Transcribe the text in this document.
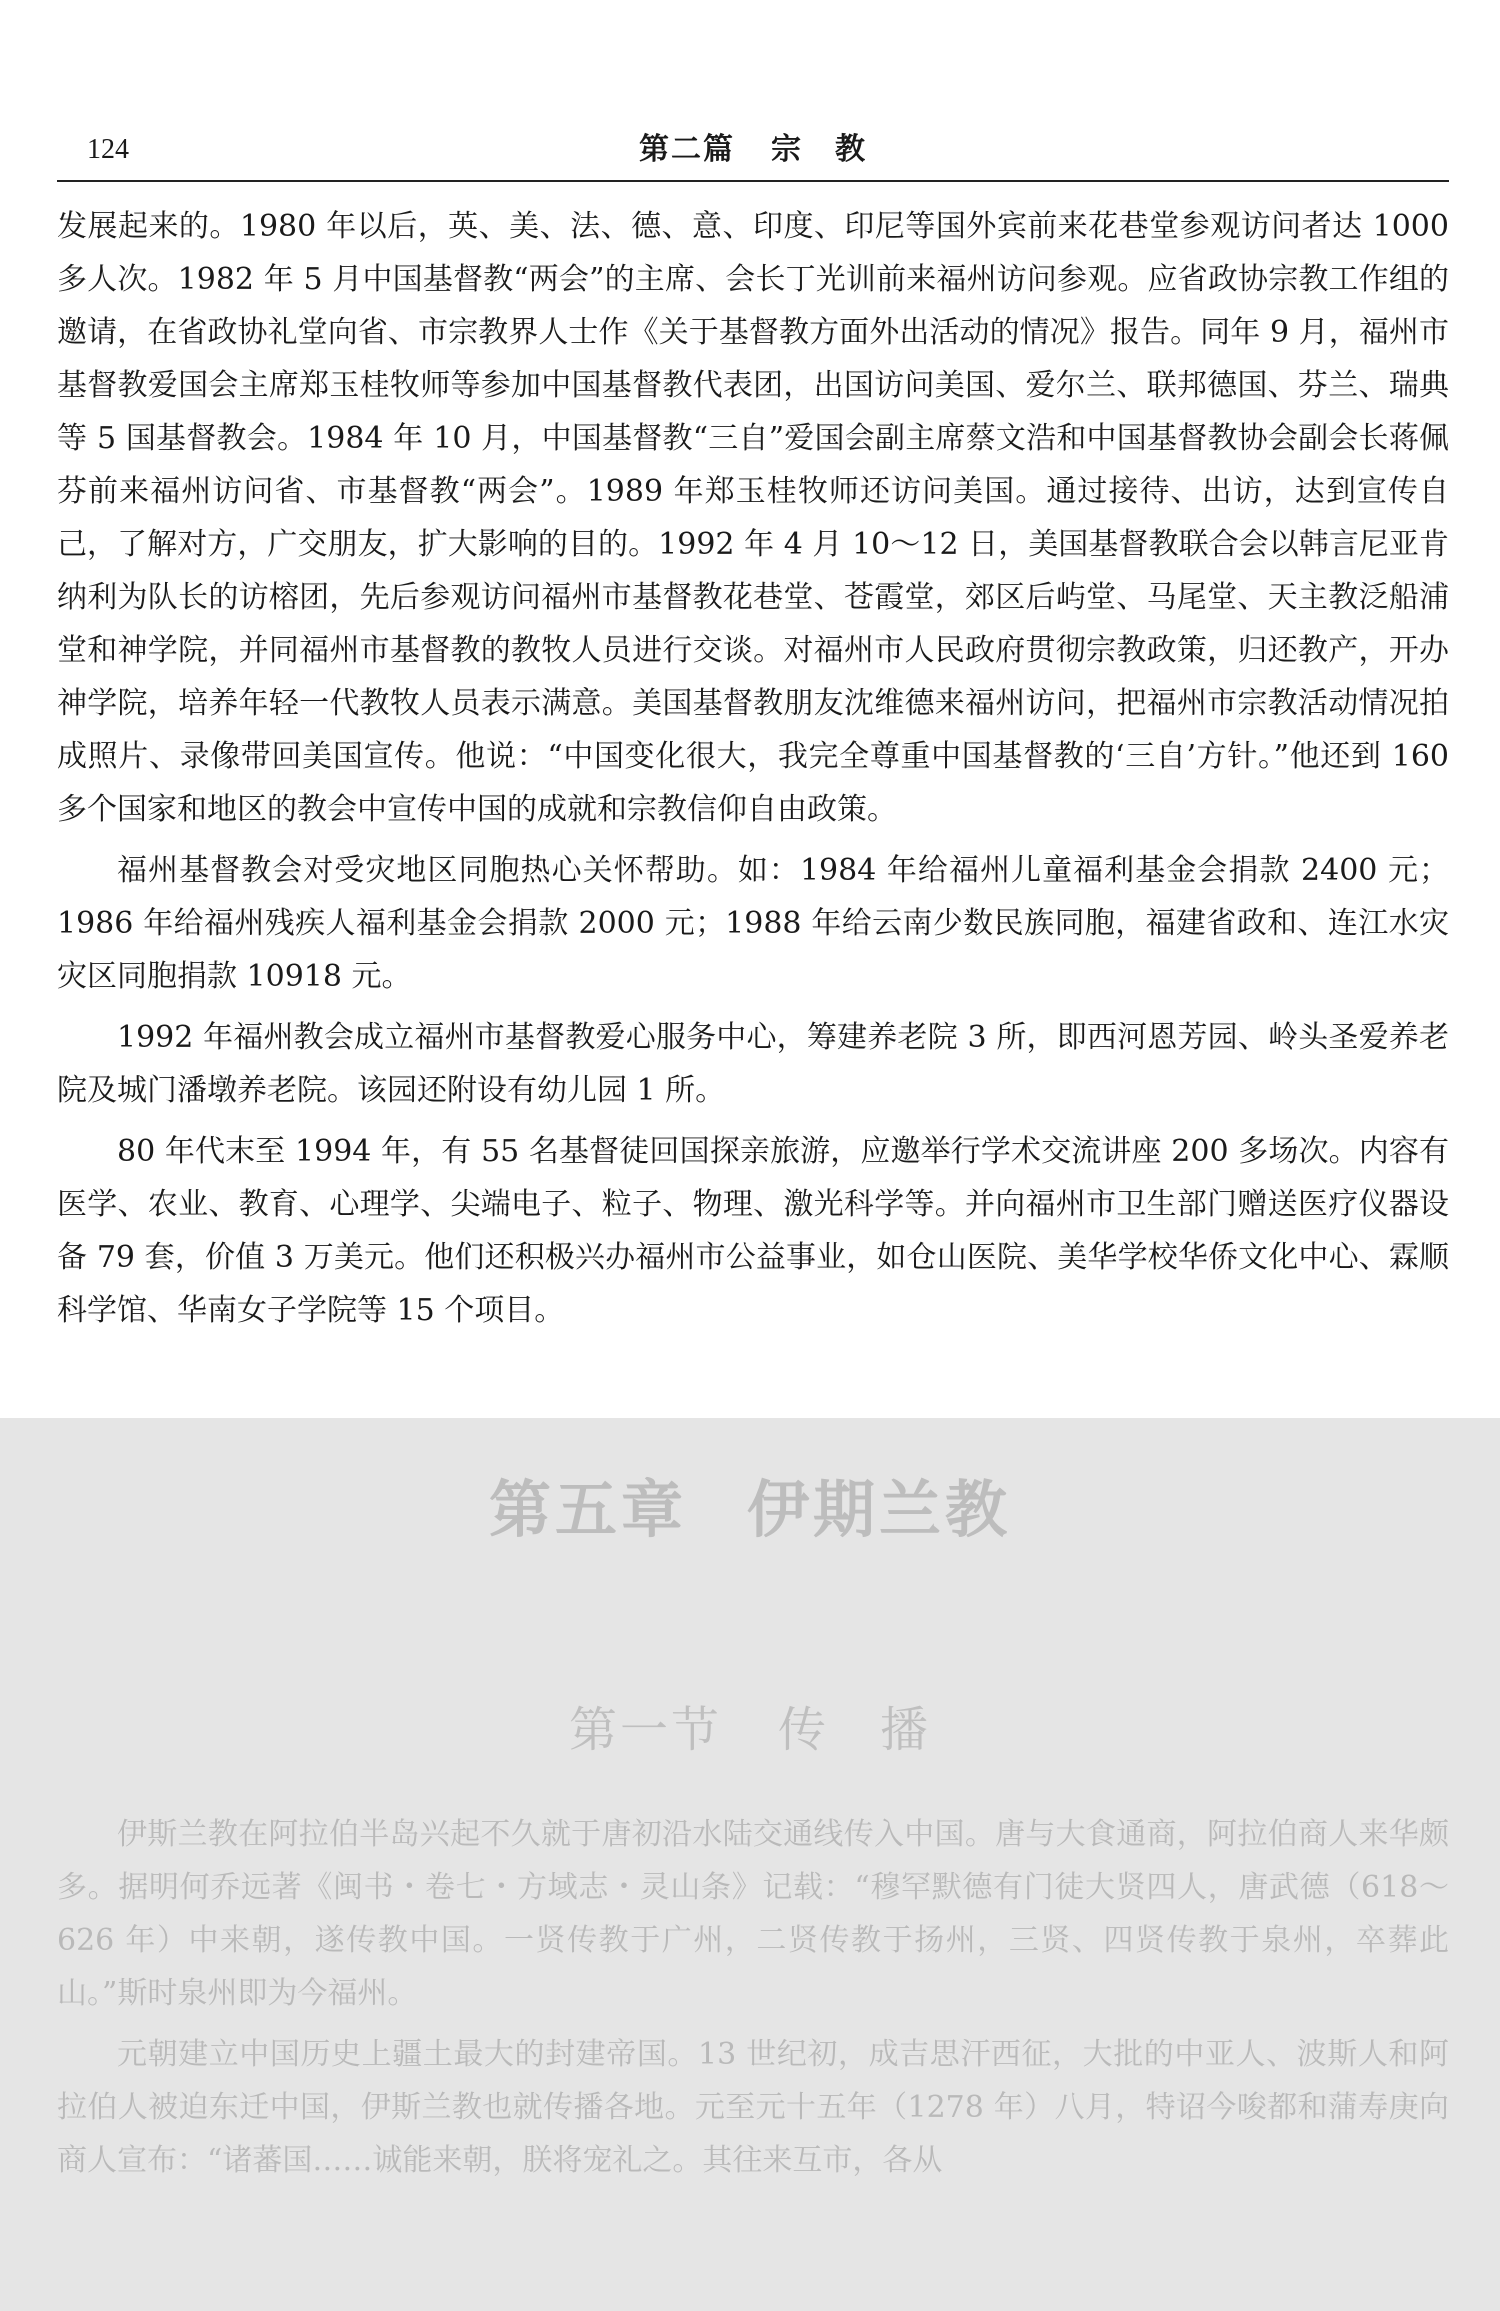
124	第二篇 宗　教

发展起来的。1980 年以后，英、美、法、德、意、印度、印尼等国外宾前来花巷堂参观访问者达 1000 多人次。1982 年 5 月中国基督教“两会”的主席、会长丁光训前来福州访问参观。应省政协宗教工作组的邀请，在省政协礼堂向省、市宗教界人士作《关于基督教方面外出活动的情况》报告。同年 9 月，福州市基督教爱国会主席郑玉桂牧师等参加中国基督教代表团，出国访问美国、爱尔兰、联邦德国、芬兰、瑞典等 5 国基督教会。1984 年 10 月，中国基督教“三自”爱国会副主席蔡文浩和中国基督教协会副会长蒋佩芬前来福州访问省、市基督教“两会”。1989 年郑玉桂牧师还访问美国。通过接待、出访，达到宣传自己，了解对方，广交朋友，扩大影响的目的。1992 年 4 月 10～12 日，美国基督教联合会以韩言尼亚肯纳利为队长的访榕团，先后参观访问福州市基督教花巷堂、苍霞堂，郊区后屿堂、马尾堂、天主教泛船浦堂和神学院，并同福州市基督教的教牧人员进行交谈。对福州市人民政府贯彻宗教政策，归还教产，开办神学院，培养年轻一代教牧人员表示满意。美国基督教朋友沈维德来福州访问，把福州市宗教活动情况拍成照片、录像带回美国宣传。他说：“中国变化很大，我完全尊重中国基督教的‘三自’方针。”他还到 160 多个国家和地区的教会中宣传中国的成就和宗教信仰自由政策。

福州基督教会对受灾地区同胞热心关怀帮助。如：1984 年给福州儿童福利基金会捐款 2400 元；1986 年给福州残疾人福利基金会捐款 2000 元；1988 年给云南少数民族同胞，福建省政和、连江水灾灾区同胞捐款 10918 元。

1992 年福州教会成立福州市基督教爱心服务中心，筹建养老院 3 所，即西河恩芳园、岭头圣爱养老院及城门潘墩养老院。该园还附设有幼儿园 1 所。

80 年代末至 1994 年，有 55 名基督徒回国探亲旅游，应邀举行学术交流讲座 200 多场次。内容有医学、农业、教育、心理学、尖端电子、粒子、物理、激光科学等。并向福州市卫生部门赠送医疗仪器设备 79 套，价值 3 万美元。他们还积极兴办福州市公益事业，如仓山医院、美华学校华侨文化中心、霖顺科学馆、华南女子学院等 15 个项目。

第五章 伊期兰教
第一节 传　播

伊斯兰教在阿拉伯半岛兴起不久就于唐初沿水陆交通线传入中国。唐与大食通商，阿拉伯商人来华颇多。据明何乔远著《闽书・卷七・方域志・灵山条》记载：“穆罕默德有门徒大贤四人，唐武德（618～626 年）中来朝，遂传教中国。一贤传教于广州，二贤传教于扬州，三贤、四贤传教于泉州，卒葬此山。”斯时泉州即为今福州。

元朝建立中国历史上疆土最大的封建帝国。13 世纪初，成吉思汗西征，大批的中亚人、波斯人和阿拉伯人被迫东迁中国，伊斯兰教也就传播各地。元至元十五年（1278 年）八月，特诏今唆都和蒲寿庚向商人宣布：“诸蕃国……诚能来朝，朕将宠礼之。其往来互市，各从
